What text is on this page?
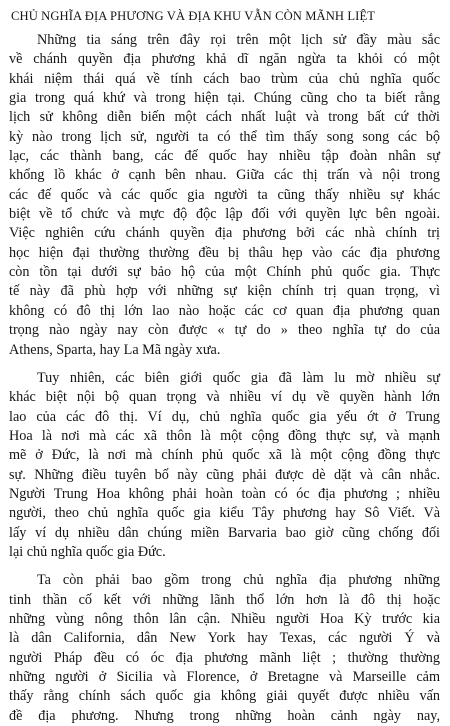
CHỦ NGHĨA ĐỊA PHƯƠNG VÀ ĐỊA KHU VẪN CÒN MÃNH LIỆT
Những tia sáng trên đây rọi trên một lịch sử đầy màu sắc
về chánh quyền địa phương khả dĩ ngăn ngừa ta khỏi có một
khái niệm thái quá về tính cách bao trùm của chủ nghĩa quốc
gia trong quá khứ và trong hiện tại. Chúng cũng cho ta biết rằng
lịch sử không diễn biến một cách nhất luật và trong bất cứ thời
kỳ nào trong lịch sử, người ta có thể tìm thấy song song các bộ
lạc, các thành bang, các đế quốc hay nhiều tập đoàn nhân sự
khổng lồ khác ở cạnh bên nhau. Giữa các thị trấn và nội trong
các đế quốc và các quốc gia người ta cũng thấy nhiều sự khác
biệt về tổ chức và mực độ độc lập đối với quyền lực bên ngoài.
Việc nghiên cứu chánh quyền địa phương bởi các nhà chính trị
học hiện đại thường thường đều bị thâu hẹp vào các địa phương
còn tồn tại dưới sự bảo hộ của một Chính phủ quốc gia. Thực
tế này đã phù hợp với những sự kiện chính trị quan trọng, vì
không có đô thị lớn lao nào hoặc các cơ quan địa phương quan
trọng nào ngày nay còn được « tự do » theo nghĩa tự do của
Athens, Sparta, hay La Mã ngày xưa.
Tuy nhiên, các biên giới quốc gia đã làm lu mờ nhiều sự
khác biệt nội bộ quan trọng và nhiều ví dụ về quyền hành lớn
lao của các đô thị. Ví dụ, chủ nghĩa quốc gia yếu ớt ở Trung
Hoa là nơi mà các xã thôn là một cộng đồng thực sự, và mạnh
mẽ ở Đức, là nơi mà chính phủ quốc xã là một cộng đồng thực
sự. Những điều tuyên bố này cũng phải được dè dặt và cân nhắc.
Người Trung Hoa không phải hoàn toàn có óc địa phương ; nhiều
người, theo chủ nghĩa quốc gia kiểu Tây phương hay Sô Viết. Và
lấy ví dụ nhiều dân chúng miền Barvaria bao giờ cũng chống đối
lại chủ nghĩa quốc gia Đức.
Ta còn phải bao gồm trong chủ nghĩa địa phương những
tinh thần cố kết với những lãnh thổ lớn hơn là đô thị hoặc
những vùng nông thôn lân cận. Nhiều người Hoa Kỳ trước kia
là dân California, dân New York hay Texas, các người Ý và
người Pháp đều có óc địa phương mãnh liệt ; thường thường
những người ở Sicilia và Florence, ở Bretagne và Marseille cảm
thấy rằng chính sách quốc gia không giải quyết được nhiều vấn
đề địa phương. Nhưng trong những hoàn cảnh ngày nay,
